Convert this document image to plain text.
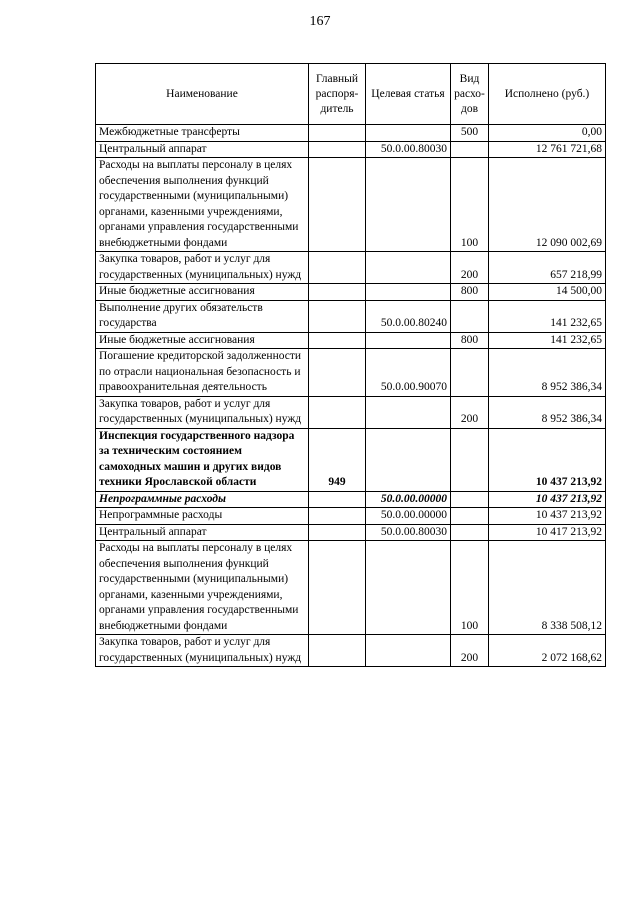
167
Наименование	Главный распоря-дитель	Целевая статья	Вид расхо-дов	Исполнено (руб.)
Межбюджетные трансферты			500	0,00
Центральный аппарат		50.0.00.80030		12 761 721,68
Расходы на выплаты персоналу в целях обеспечения выполнения функций государственными (муниципальными) органами, казенными учреждениями, органами управления государственными внебюджетными фондами			100	12 090 002,69
Закупка товаров, работ и услуг для государственных (муниципальных) нужд			200	657 218,99
Иные бюджетные ассигнования			800	14 500,00
Выполнение других обязательств государства		50.0.00.80240		141 232,65
Иные бюджетные ассигнования			800	141 232,65
Погашение кредиторской задолженности по отрасли национальная безопасность и правоохранительная деятельность		50.0.00.90070		8 952 386,34
Закупка товаров, работ и услуг для государственных (муниципальных) нужд			200	8 952 386,34
Инспекция государственного надзора за техническим состоянием самоходных машин и других видов техники Ярославской области	949			10 437 213,92
Непрограммные расходы		50.0.00.00000		10 437 213,92
Непрограммные расходы		50.0.00.00000		10 437 213,92
Центральный аппарат		50.0.00.80030		10 417 213,92
Расходы на выплаты персоналу в целях обеспечения выполнения функций государственными (муниципальными) органами, казенными учреждениями, органами управления государственными внебюджетными фондами			100	8 338 508,12
Закупка товаров, работ и услуг для государственных (муниципальных) нужд			200	2 072 168,62
